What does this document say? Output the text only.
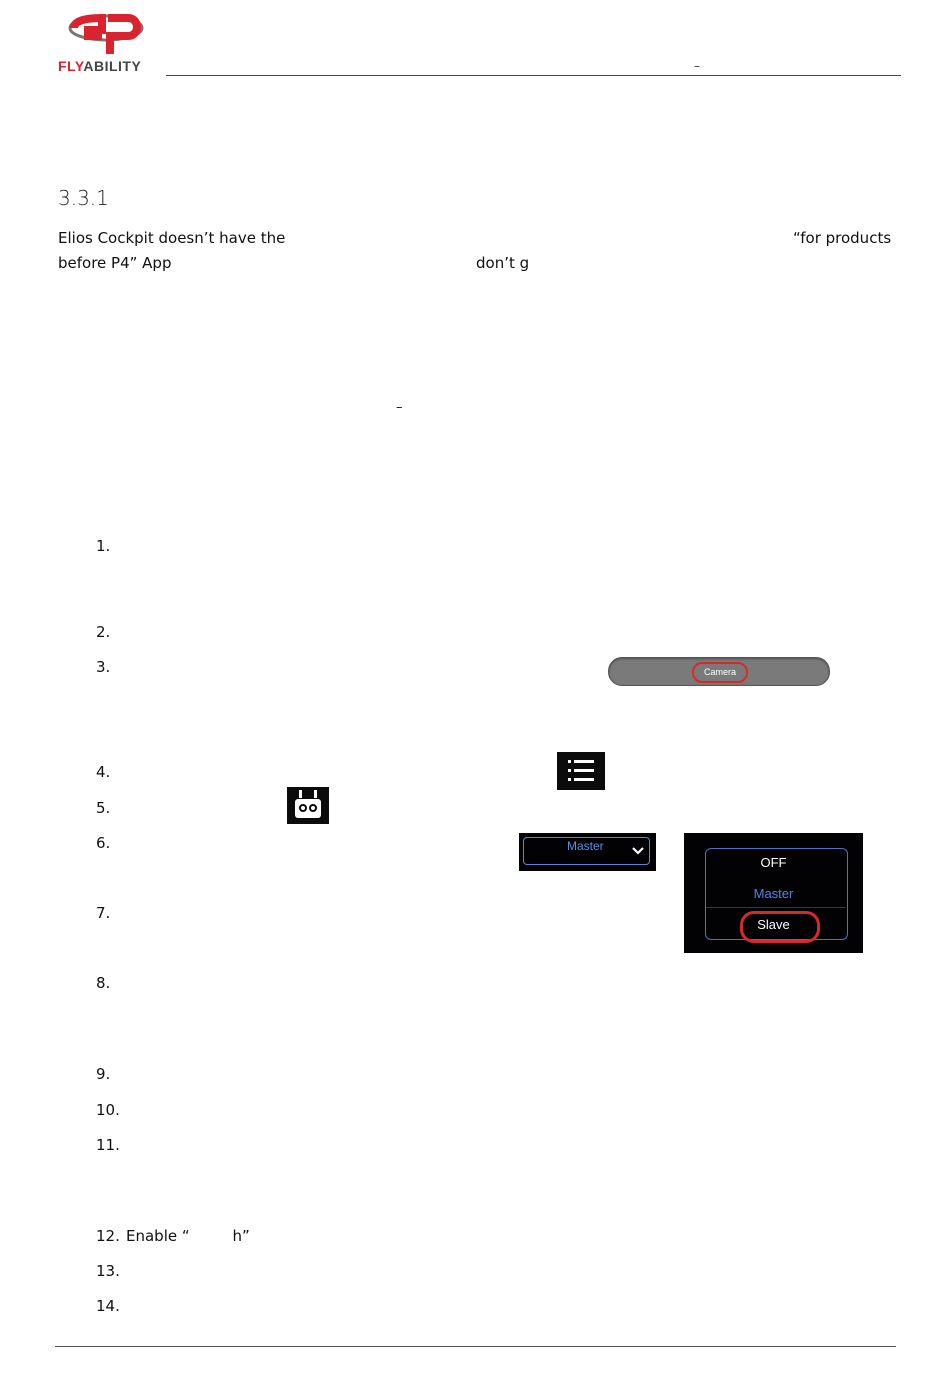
FLYABILITY	–
3.3.1
Elios Cockpit doesn’t have the	“for products
before P4” App	don’t g
–
1.
2.
3.
4.
5.
6.
7.
8.
9.
10.
11.
12. Enable “         h”
13.
14.
Camera
Master
OFF
Master
Slave
